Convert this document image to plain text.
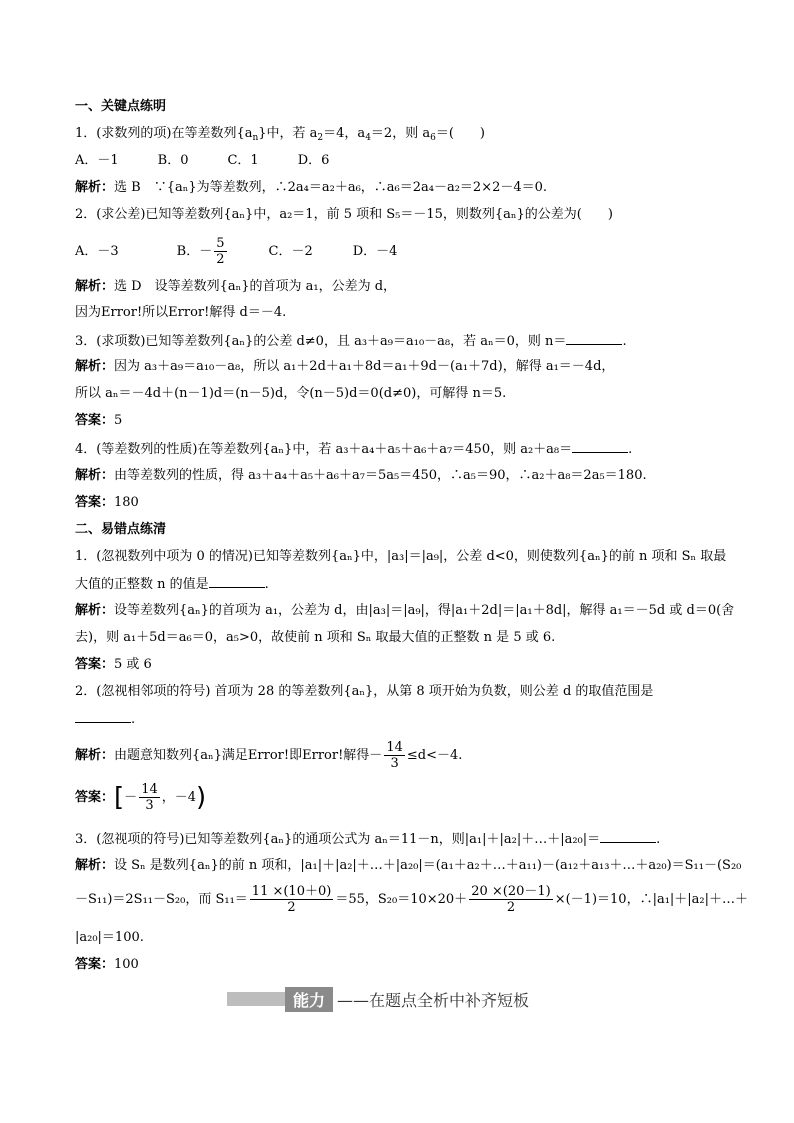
一、关键点练明
1．(求数列的项)在等差数列$\{a_n\}$中，若 $a_2=4$，$a_4=2$，则 $a_6=$(　　)
A．－1　　　B．0　　　C．1　　　D．6
解析：选 B　∵{aₙ}为等差数列，∴2a₄＝a₂＋a₆，∴a₆＝2a₄－a₂＝2×2－4＝0.
2．(求公差)已知等差数列{aₙ}中，a₂＝1，前 5 项和 S₅＝－15，则数列{aₙ}的公差为(　　)
A．－3	B．－ $\frac{5}{2}$	C．－2	D．－4
解析：选 D　设等差数列{aₙ}的首项为 a₁，公差为 d，
因为Error!所以Error!解得 d＝－4.
3．(求项数)已知等差数列{aₙ}的公差 d≠0，且 a₃＋a₉＝a₁₀－a₈，若 aₙ＝0，则 n＝	.
解析：因为 a₃＋a₉＝a₁₀－a₈，所以 a₁＋2d＋a₁＋8d＝a₁＋9d－(a₁＋7d)，解得 a₁＝－4d，
所以 aₙ＝－4d＋(n－1)d＝(n－5)d，令(n－5)d＝0(d≠0)，可解得 n＝5.
答案：5
4．(等差数列的性质)在等差数列{aₙ}中，若 a₃＋a₄＋a₅＋a₆＋a₇＝450，则 a₂＋a₈＝	.
解析：由等差数列的性质，得 a₃＋a₄＋a₅＋a₆＋a₇＝5a₅＝450，∴a₅＝90，∴a₂＋a₈＝2a₅＝180.
答案：180
二、易错点练清
1．(忽视数列中项为 0 的情况)已知等差数列{aₙ}中，|a₃|＝|a₉|，公差 d<0，则使数列{aₙ}的前 n 项和 Sₙ 取最
大值的正整数 n 的值是	.
解析：设等差数列{aₙ}的首项为 a₁，公差为 d，由|a₃|＝|a₉|，得|a₁＋2d|＝|a₁＋8d|，解得 a₁＝－5d 或 d＝0(舍
去)，则 a₁＋5d＝a₆＝0，a₅>0，故使前 n 项和 Sₙ 取最大值的正整数 n 是 5 或 6.
答案：5 或 6
2．(忽视相邻项的符号) 首项为 28 的等差数列{aₙ}，从第 8 项开始为负数，则公差 d 的取值范围是
.
解析：由题意知数列{aₙ}满足Error!即Error!解得－ $\frac{14}{3} \le d<-4$.
答案：[－ $\frac{14}{3}$ ，－4)
3．(忽视项的符号)已知等差数列{aₙ}的通项公式为 aₙ＝11－n，则|a₁|＋|a₂|＋…＋|a₂₀|＝	.
解析：设 Sₙ 是数列{aₙ}的前 n 项和，|a₁|＋|a₂|＋…＋|a₂₀|＝(a₁＋a₂＋…＋a₁₁)－(a₁₂＋a₁₃＋…＋a₂₀)＝S₁₁－(S₂₀
－S₁₁)＝2S₁₁－S₂₀，而 $S_{11}= \frac{11 \times(10+0)}{2} =55$，$S_{20}=10\times 20+ \frac{20 \times(20-1)}{2} \times(-1)=10$，∴|a₁|＋|a₂|＋…＋
|a₂₀|＝100.
答案：100
能力 ——在题点全析中补齐短板
